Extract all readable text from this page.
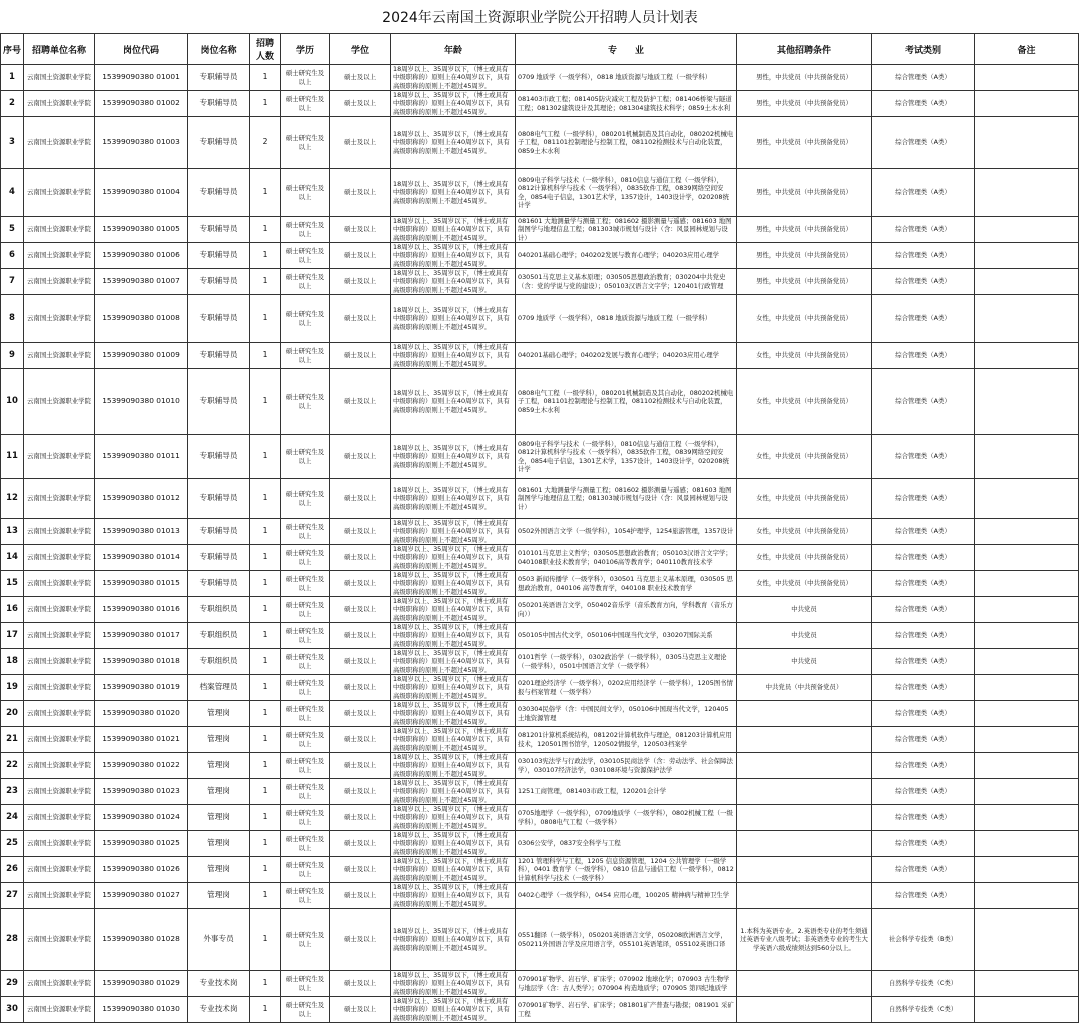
2024年云南国土资源职业学院公开招聘人员计划表
序号	招聘单位名称	岗位代码	岗位名称	招聘人数	学历	学位	年龄	专　　业	其他招聘条件	考试类别	备注
1	云南国土资源职业学院	15399090380 01001	专职辅导员	1	硕士研究生及以上	硕士及以上	18周岁以上、35周岁以下，（博士或具有中级职称的）原则上在40周岁以下，具有高级职称的原则上不超过45周岁。	0709 地质学（一级学科），0818 地质资源与地质工程（一级学科）	男性，中共党员（中共预备党员）	综合管理类（A类）	
2	云南国土资源职业学院	15399090380 01002	专职辅导员	1	硕士研究生及以上	硕士及以上	18周岁以上、35周岁以下，（博士或具有中级职称的）原则上在40周岁以下，具有高级职称的原则上不超过45周岁。	081403市政工程；081405防灾减灾工程及防护工程；081406桥梁与隧道工程；081302建筑设计及其理论；081304建筑技术科学；0859土木水利	男性，中共党员（中共预备党员）	综合管理类（A类）	
3	云南国土资源职业学院	15399090380 01003	专职辅导员	2	硕士研究生及以上	硕士及以上	18周岁以上、35周岁以下，（博士或具有中级职称的）原则上在40周岁以下，具有高级职称的原则上不超过45周岁。	0808电气工程（一级学科），080201机械制造及其自动化，080202机械电子工程，081101控制理论与控制工程，081102检测技术与自动化装置，0859土木水利	男性，中共党员（中共预备党员）	综合管理类（A类）	
4	云南国土资源职业学院	15399090380 01004	专职辅导员	1	硕士研究生及以上	硕士及以上	18周岁以上、35周岁以下，（博士或具有中级职称的）原则上在40周岁以下，具有高级职称的原则上不超过45周岁。	0809电子科学与技术（一级学科），0810信息与通信工程（一级学科），0812计算机科学与技术（一级学科），0835软件工程，0839网络空间安全，0854电子信息，1301艺术学，1357设计，1403设计学，020208统计学	男性，中共党员（中共预备党员）	综合管理类（A类）	
5	云南国土资源职业学院	15399090380 01005	专职辅导员	1	硕士研究生及以上	硕士及以上	18周岁以上、35周岁以下，（博士或具有中级职称的）原则上在40周岁以下，具有高级职称的原则上不超过45周岁。	081601 大地测量学与测量工程；081602 摄影测量与遥感；081603 地图制图学与地理信息工程；081303城市规划与设计（含：风景园林规划与设计）	男性，中共党员（中共预备党员）	综合管理类（A类）	
6	云南国土资源职业学院	15399090380 01006	专职辅导员	1	硕士研究生及以上	硕士及以上	18周岁以上、35周岁以下，（博士或具有中级职称的）原则上在40周岁以下，具有高级职称的原则上不超过45周岁。	040201基础心理学；040202发展与教育心理学；040203应用心理学	男性，中共党员（中共预备党员）	综合管理类（A类）	
7	云南国土资源职业学院	15399090380 01007	专职辅导员	1	硕士研究生及以上	硕士及以上	18周岁以上、35周岁以下，（博士或具有中级职称的）原则上在40周岁以下，具有高级职称的原则上不超过45周岁。	030501马克思主义基本原理；030505思想政治教育；030204中共党史（含：党的学说与党的建设）；050103汉语言文字学；120401行政管理	男性，中共党员（中共预备党员）	综合管理类（A类）	
8	云南国土资源职业学院	15399090380 01008	专职辅导员	1	硕士研究生及以上	硕士及以上	18周岁以上、35周岁以下，（博士或具有中级职称的）原则上在40周岁以下，具有高级职称的原则上不超过45周岁。	0709 地质学（一级学科），0818 地质资源与地质工程（一级学科）	女性，中共党员（中共预备党员）	综合管理类（A类）	
9	云南国土资源职业学院	15399090380 01009	专职辅导员	1	硕士研究生及以上	硕士及以上	18周岁以上、35周岁以下，（博士或具有中级职称的）原则上在40周岁以下，具有高级职称的原则上不超过45周岁。	040201基础心理学；040202发展与教育心理学；040203应用心理学	女性，中共党员（中共预备党员）	综合管理类（A类）	
10	云南国土资源职业学院	15399090380 01010	专职辅导员	1	硕士研究生及以上	硕士及以上	18周岁以上、35周岁以下，（博士或具有中级职称的）原则上在40周岁以下，具有高级职称的原则上不超过45周岁。	0808电气工程（一级学科），080201机械制造及其自动化，080202机械电子工程，081101控制理论与控制工程，081102检测技术与自动化装置，0859土木水利	女性，中共党员（中共预备党员）	综合管理类（A类）	
11	云南国土资源职业学院	15399090380 01011	专职辅导员	1	硕士研究生及以上	硕士及以上	18周岁以上、35周岁以下，（博士或具有中级职称的）原则上在40周岁以下，具有高级职称的原则上不超过45周岁。	0809电子科学与技术（一级学科），0810信息与通信工程（一级学科），0812计算机科学与技术（一级学科），0835软件工程，0839网络空间安全，0854电子信息，1301艺术学，1357设计，1403设计学，020208统计学	女性，中共党员（中共预备党员）	综合管理类（A类）	
12	云南国土资源职业学院	15399090380 01012	专职辅导员	1	硕士研究生及以上	硕士及以上	18周岁以上、35周岁以下，（博士或具有中级职称的）原则上在40周岁以下，具有高级职称的原则上不超过45周岁。	081601 大地测量学与测量工程；081602 摄影测量与遥感；081603 地图制图学与地理信息工程；081303城市规划与设计（含：风景园林规划与设计）	女性，中共党员（中共预备党员）	综合管理类（A类）	
13	云南国土资源职业学院	15399090380 01013	专职辅导员	1	硕士研究生及以上	硕士及以上	18周岁以上、35周岁以下，（博士或具有中级职称的）原则上在40周岁以下，具有高级职称的原则上不超过45周岁。	0502外国语言文学（一级学科），1054护理学，1254旅游管理，1357设计	女性，中共党员（中共预备党员）	综合管理类（A类）	
14	云南国土资源职业学院	15399090380 01014	专职辅导员	1	硕士研究生及以上	硕士及以上	18周岁以上、35周岁以下，（博士或具有中级职称的）原则上在40周岁以下，具有高级职称的原则上不超过45周岁。	010101马克思主义哲学；030505思想政治教育；050103汉语言文字学；040108职业技术教育学；040106高等教育学；040110教育技术学	女性，中共党员（中共预备党员）	综合管理类（A类）	
15	云南国土资源职业学院	15399090380 01015	专职辅导员	1	硕士研究生及以上	硕士及以上	18周岁以上、35周岁以下，（博士或具有中级职称的）原则上在40周岁以下，具有高级职称的原则上不超过45周岁。	0503 新闻传播学（一级学科），030501 马克思主义基本原理，030505 思想政治教育，040106 高等教育学，040108 职业技术教育学	女性，中共党员（中共预备党员）	综合管理类（A类）	
16	云南国土资源职业学院	15399090380 01016	专职组织员	1	硕士研究生及以上	硕士及以上	18周岁以上、35周岁以下，（博士或具有中级职称的）原则上在40周岁以下，具有高级职称的原则上不超过45周岁。	050201英语语言文学，050402音乐学（音乐教育方向，学科教育（音乐方向））	中共党员	综合管理类（A类）	
17	云南国土资源职业学院	15399090380 01017	专职组织员	1	硕士研究生及以上	硕士及以上	18周岁以上、35周岁以下，（博士或具有中级职称的）原则上在40周岁以下，具有高级职称的原则上不超过45周岁。	050105中国古代文学，050106中国现当代文学，030207国际关系	中共党员	综合管理类（A类）	
18	云南国土资源职业学院	15399090380 01018	专职组织员	1	硕士研究生及以上	硕士及以上	18周岁以上、35周岁以下，（博士或具有中级职称的）原则上在40周岁以下，具有高级职称的原则上不超过45周岁。	0101哲学（一级学科），0302政治学（一级学科），0305马克思主义理论（一级学科），0501中国语言文学（一级学科）	中共党员	综合管理类（A类）	
19	云南国土资源职业学院	15399090380 01019	档案管理员	1	硕士研究生及以上	硕士及以上	18周岁以上、35周岁以下，（博士或具有中级职称的）原则上在40周岁以下，具有高级职称的原则上不超过45周岁。	0201理论经济学（一级学科），0202应用经济学（一级学科），1205图书情报与档案管理（一级学科）	中共党员（中共预备党员）	综合管理类（A类）	
20	云南国土资源职业学院	15399090380 01020	管理岗	1	硕士研究生及以上	硕士及以上	18周岁以上、35周岁以下，（博士或具有中级职称的）原则上在40周岁以下，具有高级职称的原则上不超过45周岁。	030304民俗学（含：中国民间文学），050106中国现当代文学，120405土地资源管理		综合管理类（A类）	
21	云南国土资源职业学院	15399090380 01021	管理岗	1	硕士研究生及以上	硕士及以上	18周岁以上、35周岁以下，（博士或具有中级职称的）原则上在40周岁以下，具有高级职称的原则上不超过45周岁。	081201计算机系统结构，081202计算机软件与理论，081203计算机应用技术，120501图书馆学，120502情报学，120503档案学		综合管理类（A类）	
22	云南国土资源职业学院	15399090380 01022	管理岗	1	硕士研究生及以上	硕士及以上	18周岁以上、35周岁以下，（博士或具有中级职称的）原则上在40周岁以下，具有高级职称的原则上不超过45周岁。	030103宪法学与行政法学，030105民商法学（含：劳动法学、社会保障法学），030107经济法学，030108环境与资源保护法学		综合管理类（A类）	
23	云南国土资源职业学院	15399090380 01023	管理岗	1	硕士研究生及以上	硕士及以上	18周岁以上、35周岁以下，（博士或具有中级职称的）原则上在40周岁以下，具有高级职称的原则上不超过45周岁。	1251工商管理，081403市政工程，120201会计学		综合管理类（A类）	
24	云南国土资源职业学院	15399090380 01024	管理岗	1	硕士研究生及以上	硕士及以上	18周岁以上、35周岁以下，（博士或具有中级职称的）原则上在40周岁以下，具有高级职称的原则上不超过45周岁。	0705地理学（一级学科），0709地质学（一级学科），0802机械工程（一级学科），0808电气工程（一级学科）		综合管理类（A类）	
25	云南国土资源职业学院	15399090380 01025	管理岗	1	硕士研究生及以上	硕士及以上	18周岁以上、35周岁以下，（博士或具有中级职称的）原则上在40周岁以下，具有高级职称的原则上不超过45周岁。	0306公安学，0837安全科学与工程		综合管理类（A类）	
26	云南国土资源职业学院	15399090380 01026	管理岗	1	硕士研究生及以上	硕士及以上	18周岁以上、35周岁以下，（博士或具有中级职称的）原则上在40周岁以下，具有高级职称的原则上不超过45周岁。	1201 管理科学与工程，1205 信息资源管理，1204 公共管理学（一级学科），0401 教育学（一级学科），0810 信息与通信工程（一级学科），0812 计算机科学与技术（一级学科）		综合管理类（A类）	
27	云南国土资源职业学院	15399090380 01027	管理岗	1	硕士研究生及以上	硕士及以上	18周岁以上、35周岁以下，（博士或具有中级职称的）原则上在40周岁以下，具有高级职称的原则上不超过45周岁。	0402心理学（一级学科），0454 应用心理，100205 精神病与精神卫生学		综合管理类（A类）	
28	云南国土资源职业学院	15399090380 01028	外事专员	1	硕士研究生及以上	硕士及以上	18周岁以上、35周岁以下，（博士或具有中级职称的）原则上在40周岁以下，具有高级职称的原则上不超过45周岁。	0551翻译（一级学科），050201英语语言文学，050208欧洲语言文学，050211外国语言学及应用语言学，055101英语笔译，055102英语口译	1.本科为英语专业。2.英语类专业的考生须通过英语专业八级考试；非英语类专业的考生大学英语六级成绩须达到560分以上。	社会科学专技类（B类）	
29	云南国土资源职业学院	15399090380 01029	专业技术岗	1	硕士研究生及以上	硕士及以上	18周岁以上、35周岁以下，（博士或具有中级职称的）原则上在40周岁以下，具有高级职称的原则上不超过45周岁。	070901矿物学、岩石学、矿床学；070902 地球化学；070903 古生物学与地层学（含：古人类学）；070904 构造地质学；070905 第四纪地质学		自然科学专技类（C类）	
30	云南国土资源职业学院	15399090380 01030	专业技术岗	1	硕士研究生及以上	硕士及以上	18周岁以上、35周岁以下，（博士或具有中级职称的）原则上在40周岁以下，具有高级职称的原则上不超过45周岁。	070901矿物学、岩石学、矿床学；081801矿产普查与勘探；081901 采矿工程		自然科学专技类（C类）	
